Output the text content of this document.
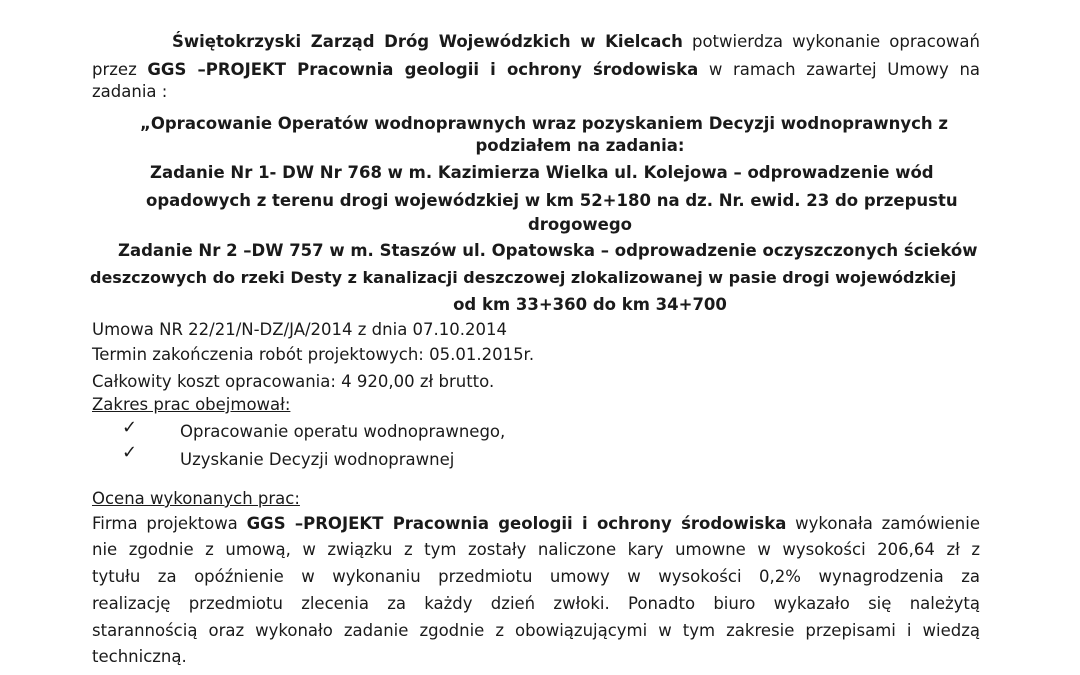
Świętokrzyski Zarząd Dróg Wojewódzkich w Kielcach potwierdza wykonanie opracowań
przez GGS –PROJEKT Pracownia geologii i ochrony środowiska w ramach zawartej Umowy na
zadania :
„Opracowanie Operatów wodnoprawnych wraz pozyskaniem Decyzji wodnoprawnych z
podziałem na zadania:
Zadanie Nr 1- DW Nr 768 w m. Kazimierza Wielka ul. Kolejowa – odprowadzenie wód
opadowych z terenu drogi wojewódzkiej w km 52+180 na dz. Nr. ewid. 23 do przepustu
drogowego
Zadanie Nr 2 –DW 757 w m. Staszów ul. Opatowska – odprowadzenie oczyszczonych ścieków
deszczowych do rzeki Desty z kanalizacji deszczowej zlokalizowanej w pasie drogi wojewódzkiej
od km 33+360 do km 34+700
Umowa NR 22/21/N-DZ/JA/2014 z dnia 07.10.2014
Termin zakończenia robót projektowych: 05.01.2015r.
Całkowity koszt opracowania: 4 920,00 zł brutto.
Zakres prac obejmował:
✓	Opracowanie operatu wodnoprawnego,
✓	Uzyskanie Decyzji wodnoprawnej
Ocena wykonanych prac:
Firma projektowa GGS –PROJEKT Pracownia geologii i ochrony środowiska wykonała zamówienie
nie zgodnie z umową, w związku z tym zostały naliczone kary umowne w wysokości 206,64 zł z
tytułu za opóźnienie w wykonaniu przedmiotu umowy w wysokości 0,2% wynagrodzenia za
realizację przedmiotu zlecenia za każdy dzień zwłoki. Ponadto biuro wykazało się należytą
starannością oraz wykonało zadanie zgodnie z obowiązującymi w tym zakresie przepisami i wiedzą
techniczną.
